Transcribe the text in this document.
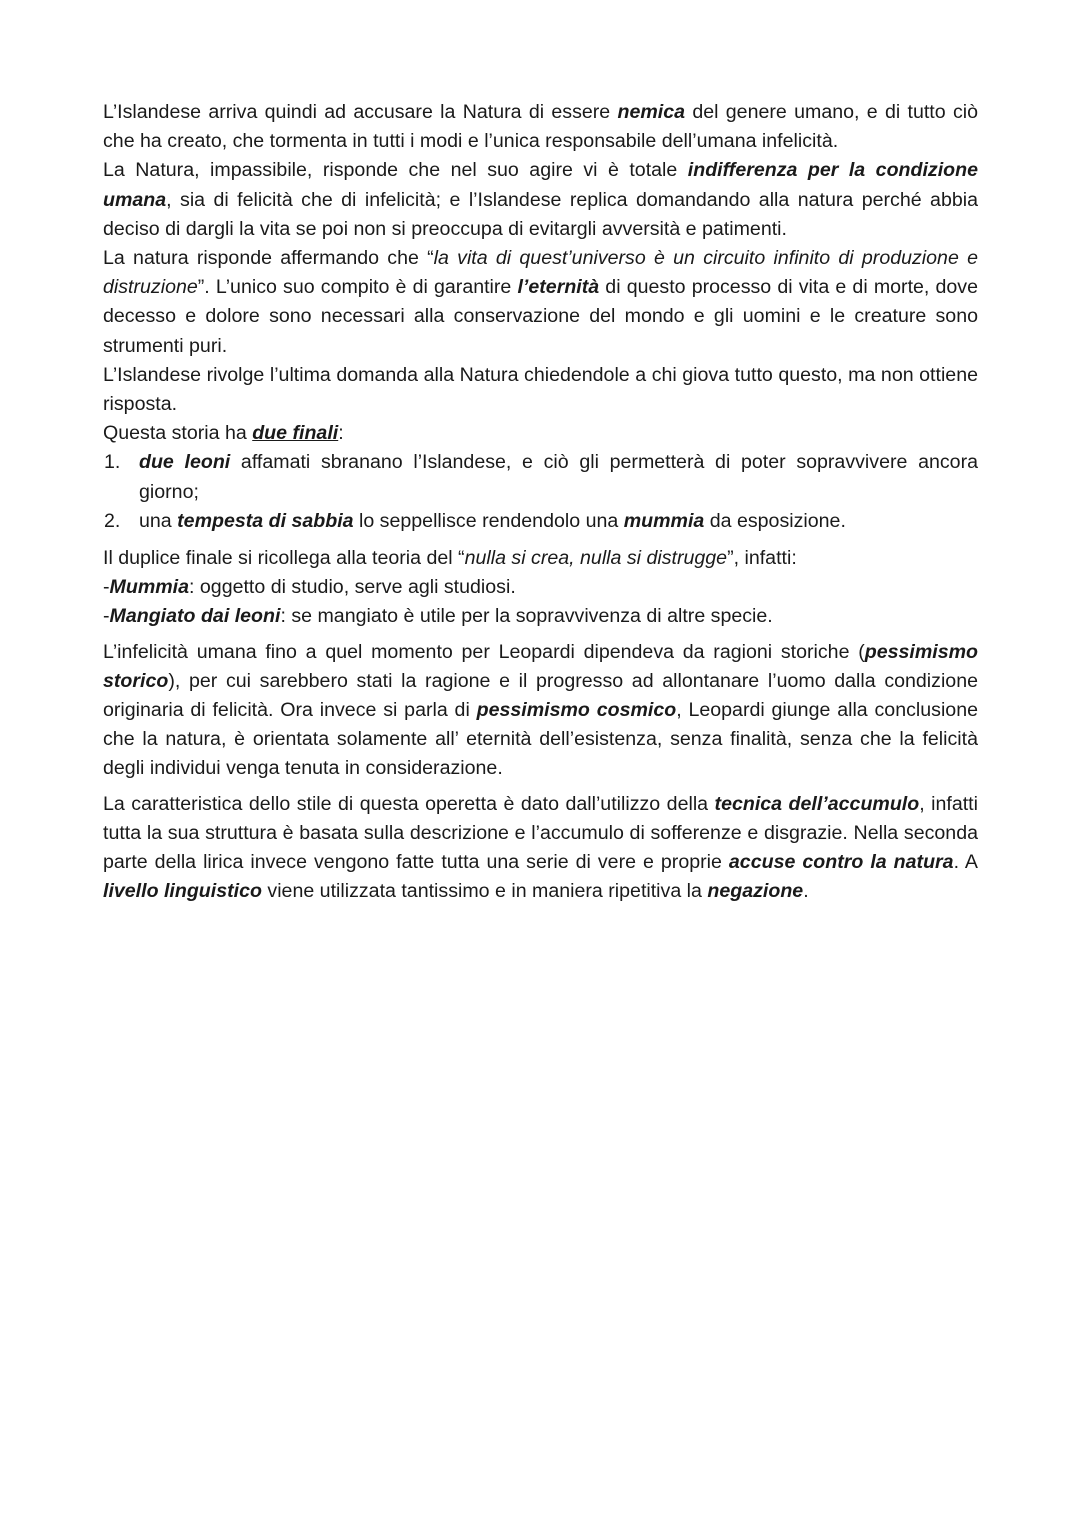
L’Islandese arriva quindi ad accusare la Natura di essere nemica del genere umano, e di tutto ciò che ha creato, che tormenta in tutti i modi e l’unica responsabile dell’umana infelicità.

La Natura, impassibile, risponde che nel suo agire vi è totale indifferenza per la condizione umana, sia di felicità che di infelicità; e l’Islandese replica domandando alla natura perché abbia deciso di dargli la vita se poi non si preoccupa di evitargli avversità e patimenti.

La natura risponde affermando che “la vita di quest’universo è un circuito infinito di produzione e distruzione”. L’unico suo compito è di garantire l’eternità di questo processo di vita e di morte, dove decesso e dolore sono necessari alla conservazione del mondo e gli uomini e le creature sono strumenti puri.

L’Islandese rivolge l’ultima domanda alla Natura chiedendole a chi giova tutto questo, ma non ottiene risposta.

Questa storia ha due finali:

1. due leoni affamati sbranano l’Islandese, e ciò gli permetterà di poter sopravvivere ancora giorno;
2. una tempesta di sabbia lo seppellisce rendendolo una mummia da esposizione.

Il duplice finale si ricollega alla teoria del “nulla si crea, nulla si distrugge”, infatti:

-Mummia: oggetto di studio, serve agli studiosi.

-Mangiato dai leoni: se mangiato è utile per la sopravvivenza di altre specie.

L’infelicità umana fino a quel momento per Leopardi dipendeva da ragioni storiche (pessimismo storico), per cui sarebbero stati la ragione e il progresso ad allontanare l’uomo dalla condizione originaria di felicità. Ora invece si parla di pessimismo cosmico, Leopardi giunge alla conclusione che la natura, è orientata solamente all’ eternità dell’esistenza, senza finalità, senza che la felicità degli individui venga tenuta in considerazione.

La caratteristica dello stile di questa operetta è dato dall’utilizzo della tecnica dell’accumulo, infatti tutta la sua struttura è basata sulla descrizione e l’accumulo di sofferenze e disgrazie. Nella seconda parte della lirica invece vengono fatte tutta una serie di vere e proprie accuse contro la natura. A livello linguistico viene utilizzata tantissimo e in maniera ripetitiva la negazione.
